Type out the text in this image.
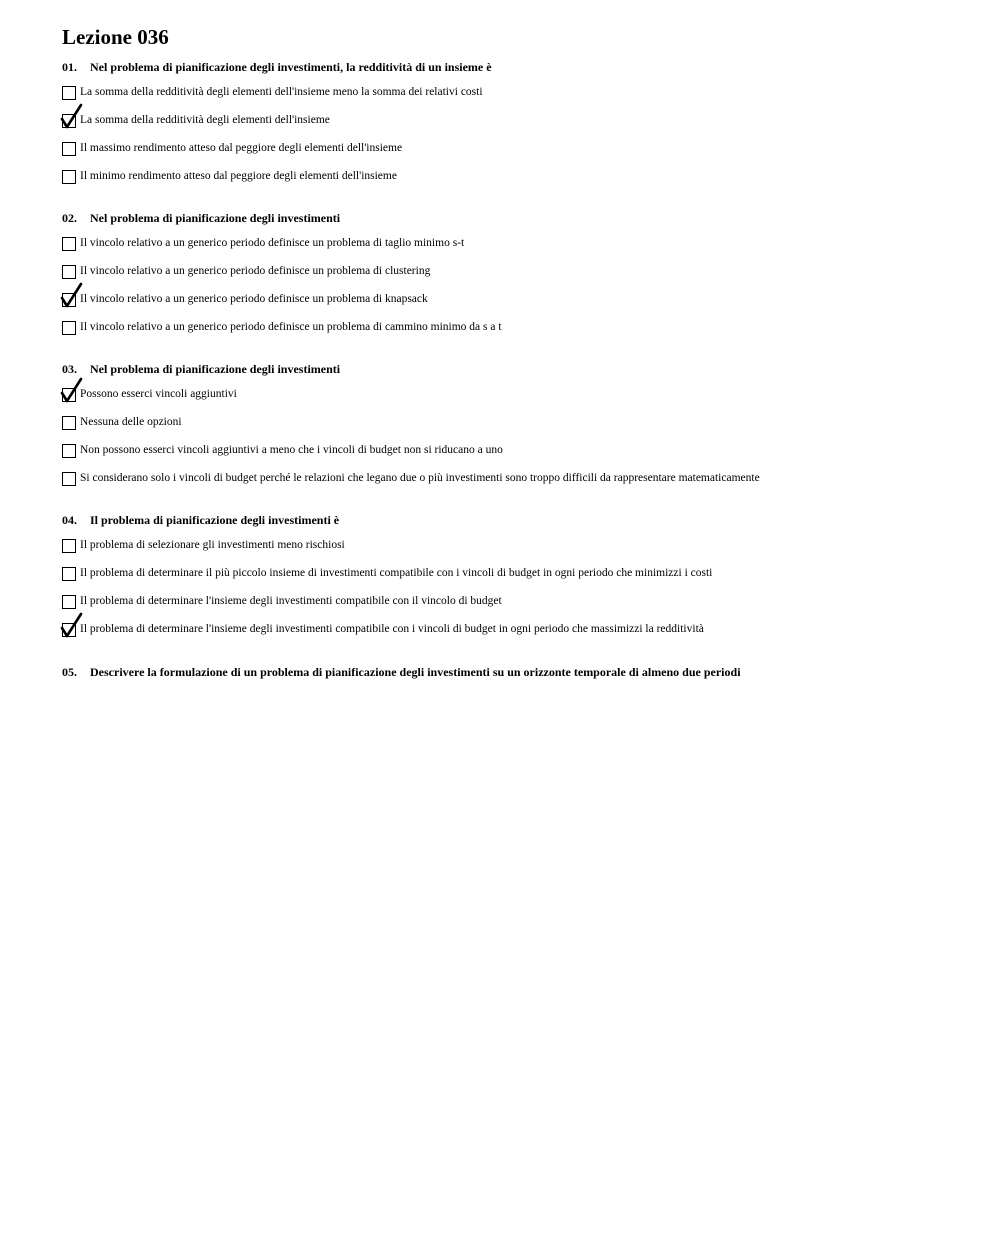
Lezione 036
01. Nel problema di pianificazione degli investimenti, la redditività di un insieme è
La somma della redditività degli elementi dell'insieme meno la somma dei relativi costi
La somma della redditività degli elementi dell'insieme
Il massimo rendimento atteso dal peggiore degli elementi dell'insieme
Il minimo rendimento atteso dal peggiore degli elementi dell'insieme
02. Nel problema di pianificazione degli investimenti
Il vincolo relativo a un generico periodo definisce un problema di taglio minimo s-t
Il vincolo relativo a un generico periodo definisce un problema di clustering
Il vincolo relativo a un generico periodo definisce un problema di knapsack
Il vincolo relativo a un generico periodo definisce un problema di cammino minimo da s a t
03. Nel problema di pianificazione degli investimenti
Possono esserci vincoli aggiuntivi
Nessuna delle opzioni
Non possono esserci vincoli aggiuntivi a meno che i vincoli di budget non si riducano a uno
Si considerano solo i vincoli di budget perché le relazioni che legano due o più investimenti sono troppo difficili da rappresentare matematicamente
04. Il problema di pianificazione degli investimenti è
Il problema di selezionare gli investimenti meno rischiosi
Il problema di determinare il più piccolo insieme di investimenti compatibile con i vincoli di budget in ogni periodo che minimizzi i costi
Il problema di determinare l'insieme degli investimenti compatibile con il vincolo di budget
Il problema di determinare l'insieme degli investimenti compatibile con i vincoli di budget in ogni periodo che massimizzi la redditività
05. Descrivere la formulazione di un problema di pianificazione degli investimenti su un orizzonte temporale di almeno due periodi
